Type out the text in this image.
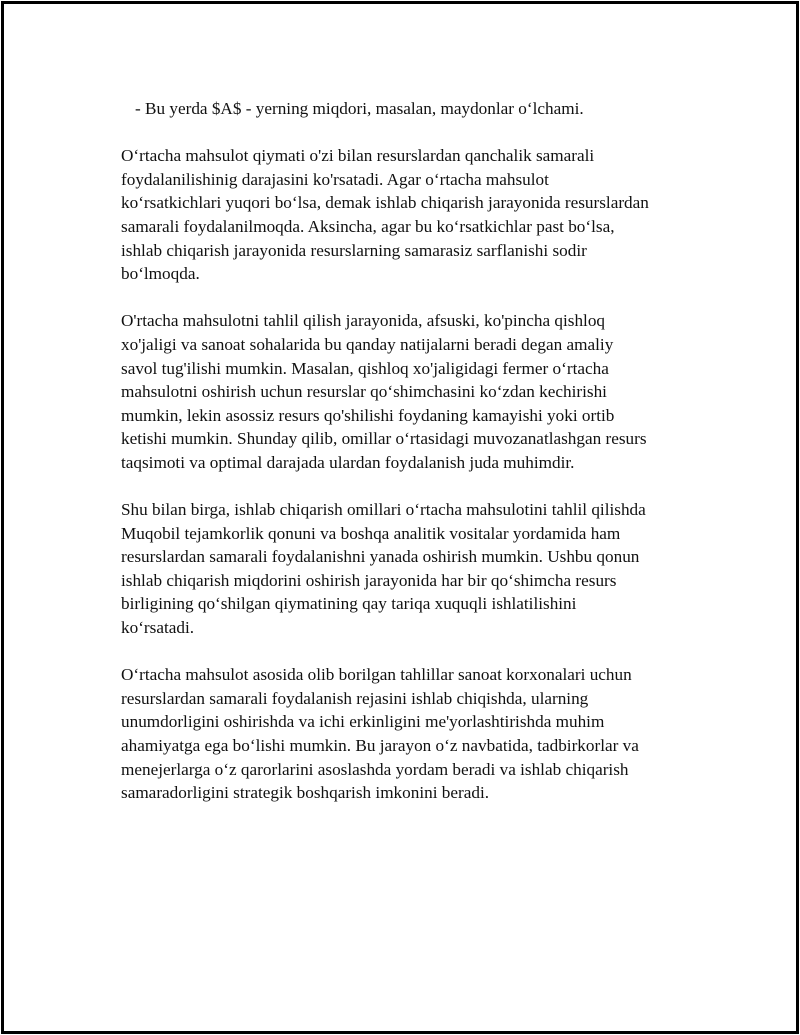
- Bu yerda $A$ - yerning miqdori, masalan, maydonlar o‘lchami.
O‘rtacha mahsulot qiymati o'zi bilan resurslardan qanchalik samarali
foydalanilishinig darajasini ko'rsatadi. Agar o‘rtacha mahsulot
ko‘rsatkichlari yuqori bo‘lsa, demak ishlab chiqarish jarayonida resurslardan
samarali foydalanilmoqda. Aksincha, agar bu ko‘rsatkichlar past bo‘lsa,
ishlab chiqarish jarayonida resurslarning samarasiz sarflanishi sodir
bo‘lmoqda.
O'rtacha mahsulotni tahlil qilish jarayonida, afsuski, ko'pincha qishloq
xo'jaligi va sanoat sohalarida bu qanday natijalarni beradi degan amaliy
savol tug'ilishi mumkin. Masalan, qishloq xo'jaligidagi fermer o‘rtacha
mahsulotni oshirish uchun resurslar qo‘shimchasini ko‘zdan kechirishi
mumkin, lekin asossiz resurs qo'shilishi foydaning kamayishi yoki ortib
ketishi mumkin. Shunday qilib, omillar o‘rtasidagi muvozanatlashgan resurs
taqsimoti va optimal darajada ulardan foydalanish juda muhimdir.
Shu bilan birga, ishlab chiqarish omillari o‘rtacha mahsulotini tahlil qilishda
Muqobil tejamkorlik qonuni va boshqa analitik vositalar yordamida ham
resurslardan samarali foydalanishni yanada oshirish mumkin. Ushbu qonun
ishlab chiqarish miqdorini oshirish jarayonida har bir qo‘shimcha resurs
birligining qo‘shilgan qiymatining qay tariqa xuquqli ishlatilishini
ko‘rsatadi.
O‘rtacha mahsulot asosida olib borilgan tahlillar sanoat korxonalari uchun
resurslardan samarali foydalanish rejasini ishlab chiqishda, ularning
unumdorligini oshirishda va ichi erkinligini me'yorlashtirishda muhim
ahamiyatga ega bo‘lishi mumkin. Bu jarayon o‘z navbatida, tadbirkorlar va
menejerlarga o‘z qarorlarini asoslashda yordam beradi va ishlab chiqarish
samaradorligini strategik boshqarish imkonini beradi.
